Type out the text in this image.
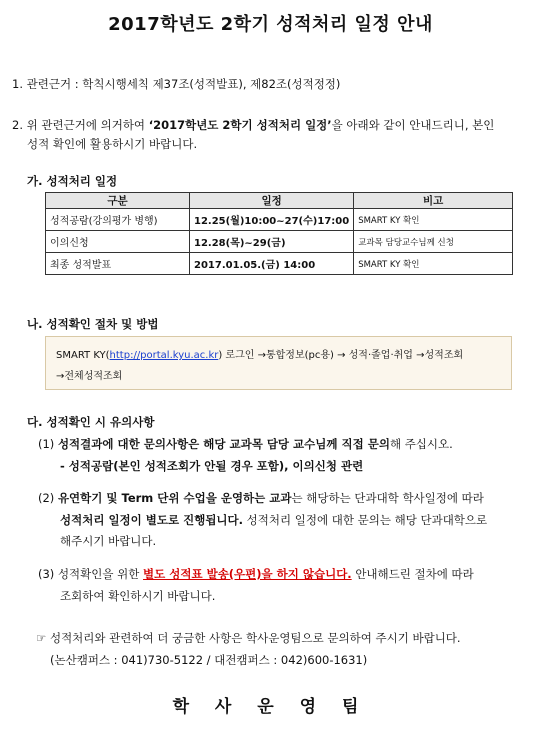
2017학년도 2학기 성적처리 일정 안내
1. 관련근거 : 학칙시행세칙 제37조(성적발표), 제82조(성적정정)
2. 위 관련근거에 의거하여 ‘2017학년도 2학기 성적처리 일정’을 아래와 같이 안내드리니, 본인
성적 확인에 활용하시기 바랍니다.
가. 성적처리 일정
구분	일정	비고
성적공람(강의평가 병행)	12.25(월)10:00~27(수)17:00	SMART KY 확인
이의신청	12.28(목)~29(금)	교과목 담당교수님께 신청
최종 성적발표	2017.01.05.(금) 14:00	SMART KY 확인
나. 성적확인 절차 및 방법
SMART KY(http://portal.kyu.ac.kr) 로그인 →통합정보(pc용) → 성적·졸업·취업 →성적조회
→전체성적조회
다. 성적확인 시 유의사항
(1) 성적결과에 대한 문의사항은 해당 교과목 담당 교수님께 직접 문의해 주십시오.
- 성적공람(본인 성적조회가 안될 경우 포함), 이의신청 관련
(2) 유연학기 및 Term 단위 수업을 운영하는 교과는 해당하는 단과대학 학사일정에 따라
성적처리 일정이 별도로 진행됩니다. 성적처리 일정에 대한 문의는 해당 단과대학으로
해주시기 바랍니다.
(3) 성적확인을 위한 별도 성적표 발송(우편)을 하지 않습니다. 안내해드린 절차에 따라
조회하여 확인하시기 바랍니다.
☞ 성적처리와 관련하여 더 궁금한 사항은 학사운영팀으로 문의하여 주시기 바랍니다.
(논산캠퍼스 : 041)730-5122 / 대전캠퍼스 : 042)600-1631)
학 사 운 영 팀
